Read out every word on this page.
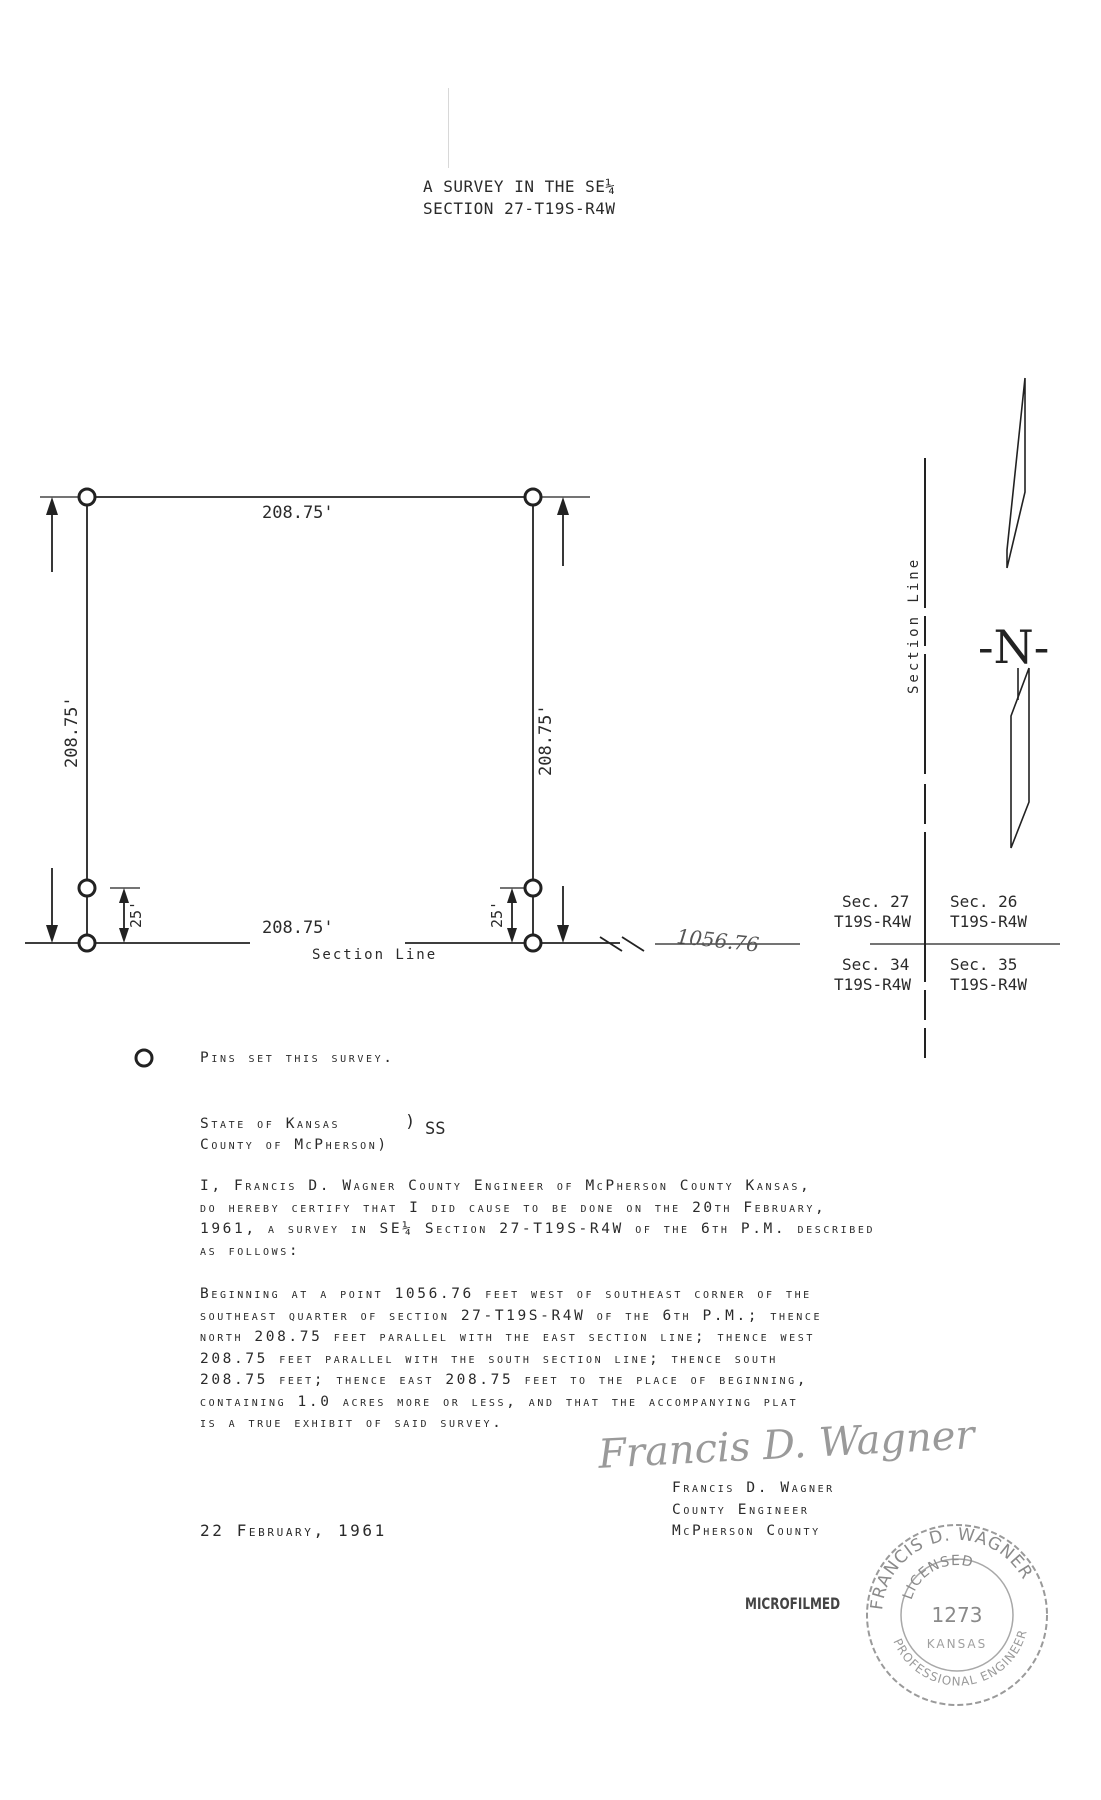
A SURVEY IN THE SE¼
SECTION 27-T19S-R4W
208.75'
208.75'
Section Line
208.75'	208.75'
25'	25'
1056.76
Section Line -N-
Sec. 27
T19S-R4W
Sec. 26
T19S-R4W
Sec. 34
T19S-R4W
Sec. 35
T19S-R4W
Pins set this survey.
State of Kansas
County of McPherson)
) SS
I, Francis D. Wagner County Engineer of McPherson County Kansas,
do hereby certify that I did cause to be done on the 20th February,
1961, a survey in SE¼ Section 27-T19S-R4W of the 6th P.M. described
as follows:
Beginning at a point 1056.76 feet west of southeast corner of the
southeast quarter of section 27-T19S-R4W of the 6th P.M.; thence
north 208.75 feet parallel with the east section line; thence west
208.75 feet parallel with the south section line; thence south
208.75 feet; thence east 208.75 feet to the place of beginning,
containing 1.0 acres more or less, and that the accompanying plat
is a true exhibit of said survey.	Francis D. Wagner
Francis D. Wagner
County Engineer
McPherson County
22 February, 1961
MICROFILMED FRANCIS D. WAGNER
PROFESSIONAL ENGINEER
LICENSED
1273
KANSAS
